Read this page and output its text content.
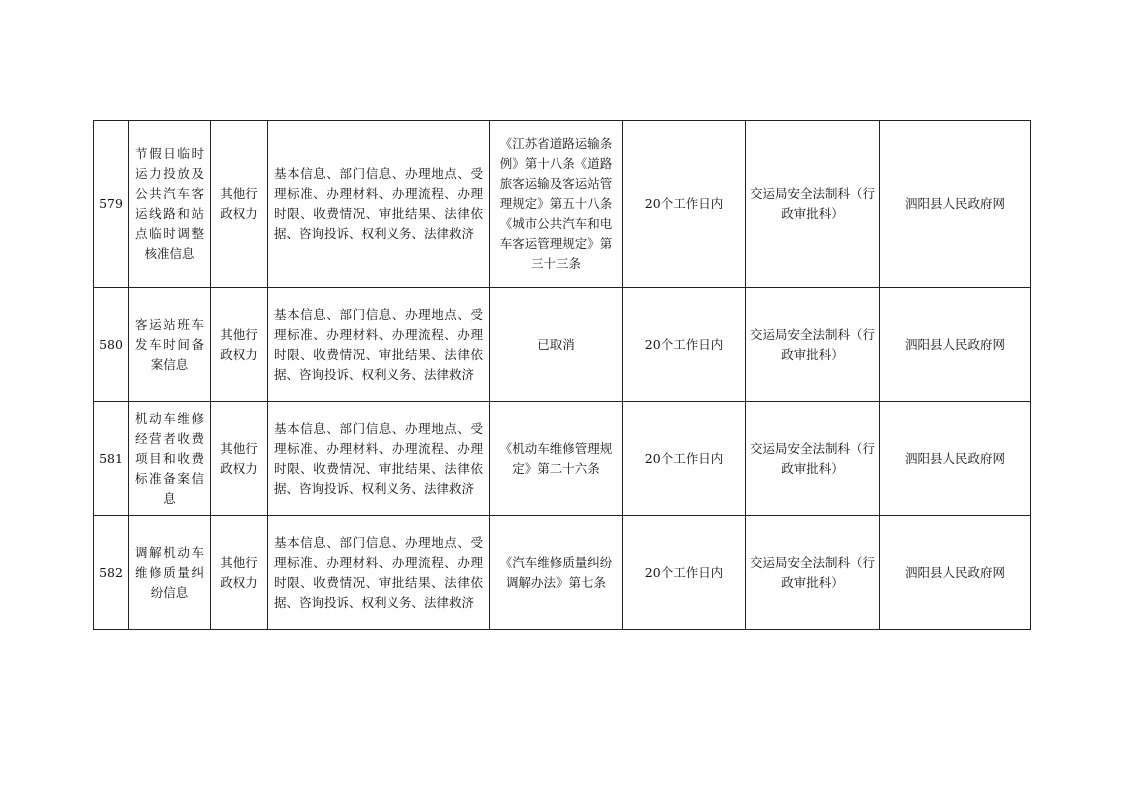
579	节假日临时运力投放及公共汽车客运线路和站点临时调整核准信息	其他行政权力	基本信息、部门信息、办理地点、受理标准、办理材料、办理流程、办理时限、收费情况、审批结果、法律依据、咨询投诉、权利义务、法律救济	《江苏省道路运输条例》第十八条《道路旅客运输及客运站管理规定》第五十八条《城市公共汽车和电车客运管理规定》第三十三条	20个工作日内	交运局安全法制科（行政审批科）	泗阳县人民政府网
580	客运站班车发车时间备案信息	其他行政权力	基本信息、部门信息、办理地点、受理标准、办理材料、办理流程、办理时限、收费情况、审批结果、法律依据、咨询投诉、权利义务、法律救济	已取消	20个工作日内	交运局安全法制科（行政审批科）	泗阳县人民政府网
581	机动车维修经营者收费项目和收费标准备案信息	其他行政权力	基本信息、部门信息、办理地点、受理标准、办理材料、办理流程、办理时限、收费情况、审批结果、法律依据、咨询投诉、权利义务、法律救济	《机动车维修管理规定》第二十六条	20个工作日内	交运局安全法制科（行政审批科）	泗阳县人民政府网
582	调解机动车维修质量纠纷信息	其他行政权力	基本信息、部门信息、办理地点、受理标准、办理材料、办理流程、办理时限、收费情况、审批结果、法律依据、咨询投诉、权利义务、法律救济	《汽车维修质量纠纷调解办法》第七条	20个工作日内	交运局安全法制科（行政审批科）	泗阳县人民政府网
